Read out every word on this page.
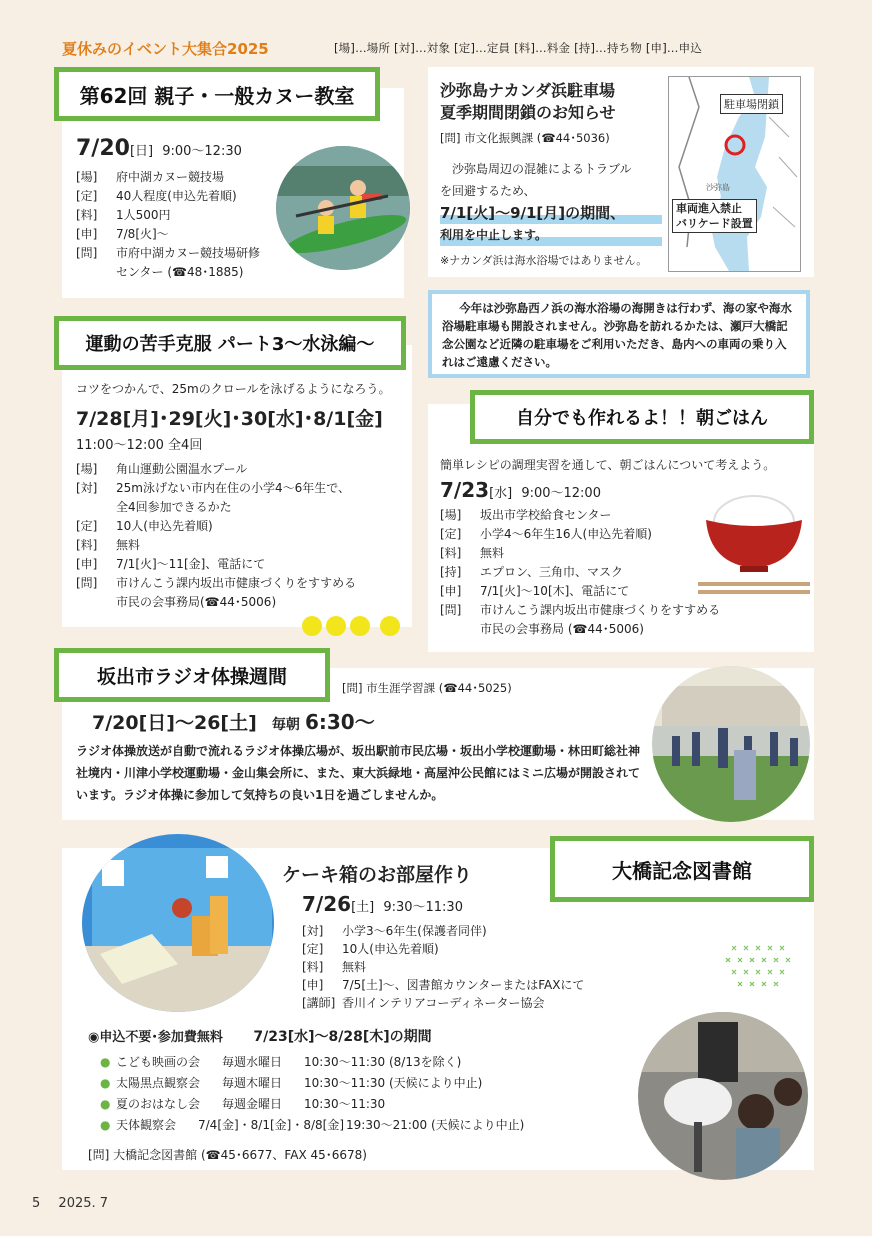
夏休みのイベント大集合2025	[場]…場所 [対]…対象 [定]…定員 [料]…料金 [持]…持ち物 [申]…申込
第62回 親子・一般カヌー教室
7/20[日] 9:00～12:30
[場]	府中湖カヌー競技場
[定]	40人程度(申込先着順)
[料]	1人500円
[申]	7/8[火]～
[問]	市府中湖カヌー競技場研修
センター (☎48･1885)
沙弥島ナカンダ浜駐車場
夏季期間閉鎖のお知らせ
[問] 市文化振興課 (☎44･5036)
沙弥島周辺の混雑によるトラブル
を回避するため、
7/1[火]～9/1[月]の期間、
利用を中止します。
※ナカンダ浜は海水浴場ではありません。
駐車場閉鎖
沙弥島
車両進入禁止
バリケード設置
今年は沙弥島西ノ浜の海水浴場の海開きは行わず、海の家や海水浴場駐車場も開設されません。沙弥島を訪れるかたは、瀬戸大橋記念公園など近隣の駐車場をご利用いただき、島内への車両の乗り入れはご遠慮ください。
運動の苦手克服 パート3～水泳編～
コツをつかんで、25mのクロールを泳げるようになろう。
7/28[月]･29[火]･30[水]･8/1[金]
11:00～12:00 全4回
[場]	角山運動公園温水プール
[対]	25m泳げない市内在住の小学4～6年生で、
全4回参加できるかた
[定]	10人(申込先着順)
[料]	無料
[申]	7/1[火]～11[金]、電話にて
[問]	市けんこう課内坂出市健康づくりをすすめる
市民の会事務局(☎44･5006)
自分でも作れるよ！！朝ごはん
簡単レシピの調理実習を通して、朝ごはんについて考えよう。
7/23[水] 9:00～12:00
[場]	坂出市学校給食センター
[定]	小学4～6年生16人(申込先着順)
[料]	無料
[持]	エプロン、三角巾、マスク
[申]	7/1[火]～10[木]、電話にて
[問]	市けんこう課内坂出市健康づくりをすすめる
市民の会事務局 (☎44･5006)
坂出市ラジオ体操週間
[問] 市生涯学習課 (☎44･5025)
7/20[日]～26[土] 毎朝 6:30～
ラジオ体操放送が自動で流れるラジオ体操広場が、坂出駅前市民広場・坂出小学校運動場・林田町総社神社境内・川津小学校運動場・金山集会所に、また、東大浜緑地・高屋沖公民館にはミニ広場が開設されています。ラジオ体操に参加して気持ちの良い1日を過ごしませんか。
大橋記念図書館
ケーキ箱のお部屋作り
7/26[土] 9:30～11:30
[対]	小学3～6年生(保護者同伴)
[定]	10人(申込先着順)
[料]	無料
[申]	7/5[土]～、図書館カウンターまたはFAXにて
[講師] 香川インテリアコーディネーター協会
◉申込不要･参加費無料 7/23[水]～8/28[木]の期間
● こども映画の会	毎週水曜日	10:30～11:30 (8/13を除く)
● 太陽黒点観察会	毎週木曜日	10:30～11:30 (天候により中止)
● 夏のおはなし会	毎週金曜日	10:30～11:30
● 天体観察会	7/4[金]・8/1[金]・8/8[金] 19:30～21:00 (天候により中止)
[問] 大橋記念図書館 (☎45･6677、FAX 45･6678)
5 2025. 7
